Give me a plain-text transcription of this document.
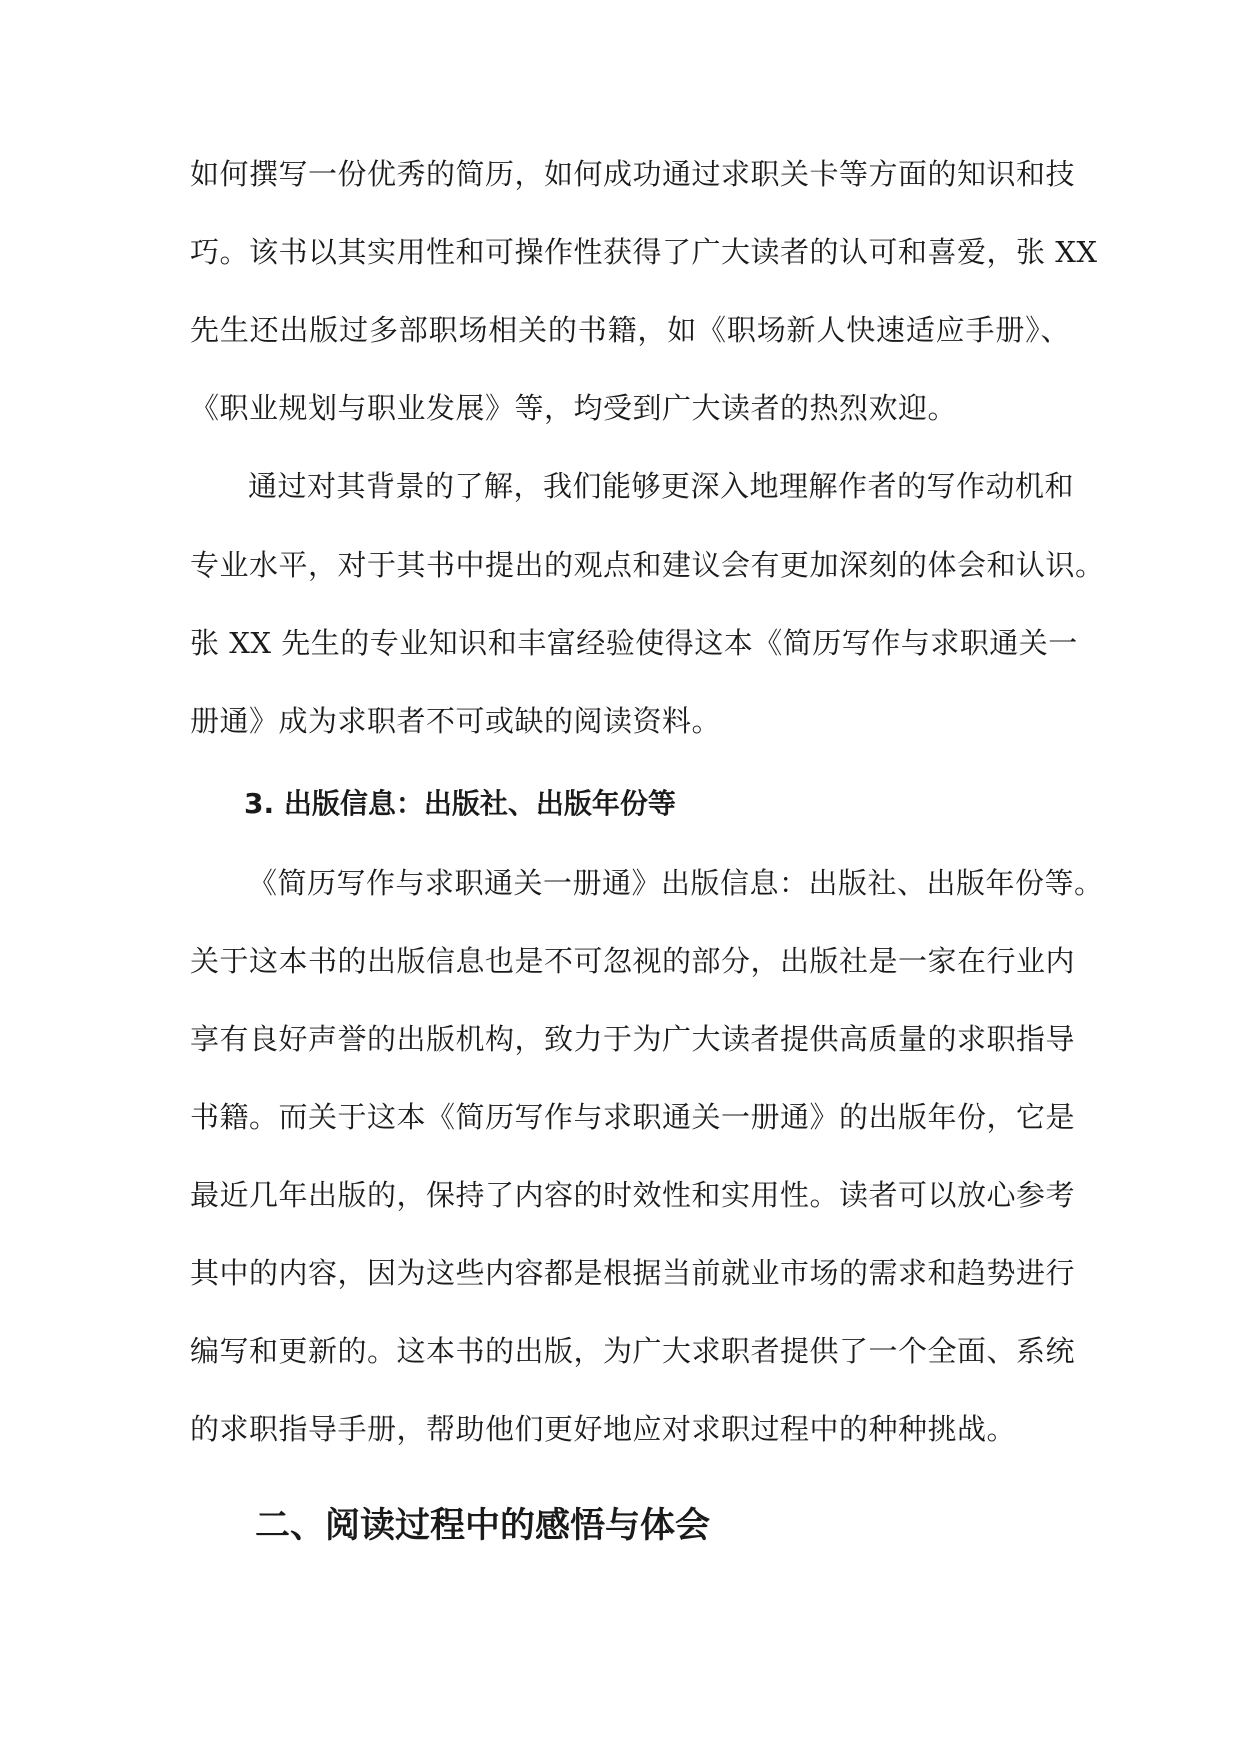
如何撰写一份优秀的简历，如何成功通过求职关卡等方面的知识和技
巧。该书以其实用性和可操作性获得了广大读者的认可和喜爱，张 XX
先生还出版过多部职场相关的书籍，如《职场新人快速适应手册》、
《职业规划与职业发展》等，均受到广大读者的热烈欢迎。
通过对其背景的了解，我们能够更深入地理解作者的写作动机和
专业水平，对于其书中提出的观点和建议会有更加深刻的体会和认识。
张 XX 先生的专业知识和丰富经验使得这本《简历写作与求职通关一
册通》成为求职者不可或缺的阅读资料。
3. 出版信息：出版社、出版年份等
《简历写作与求职通关一册通》出版信息：出版社、出版年份等。
关于这本书的出版信息也是不可忽视的部分，出版社是一家在行业内
享有良好声誉的出版机构，致力于为广大读者提供高质量的求职指导
书籍。而关于这本《简历写作与求职通关一册通》的出版年份，它是
最近几年出版的，保持了内容的时效性和实用性。读者可以放心参考
其中的内容，因为这些内容都是根据当前就业市场的需求和趋势进行
编写和更新的。这本书的出版，为广大求职者提供了一个全面、系统
的求职指导手册，帮助他们更好地应对求职过程中的种种挑战。
二、阅读过程中的感悟与体会
